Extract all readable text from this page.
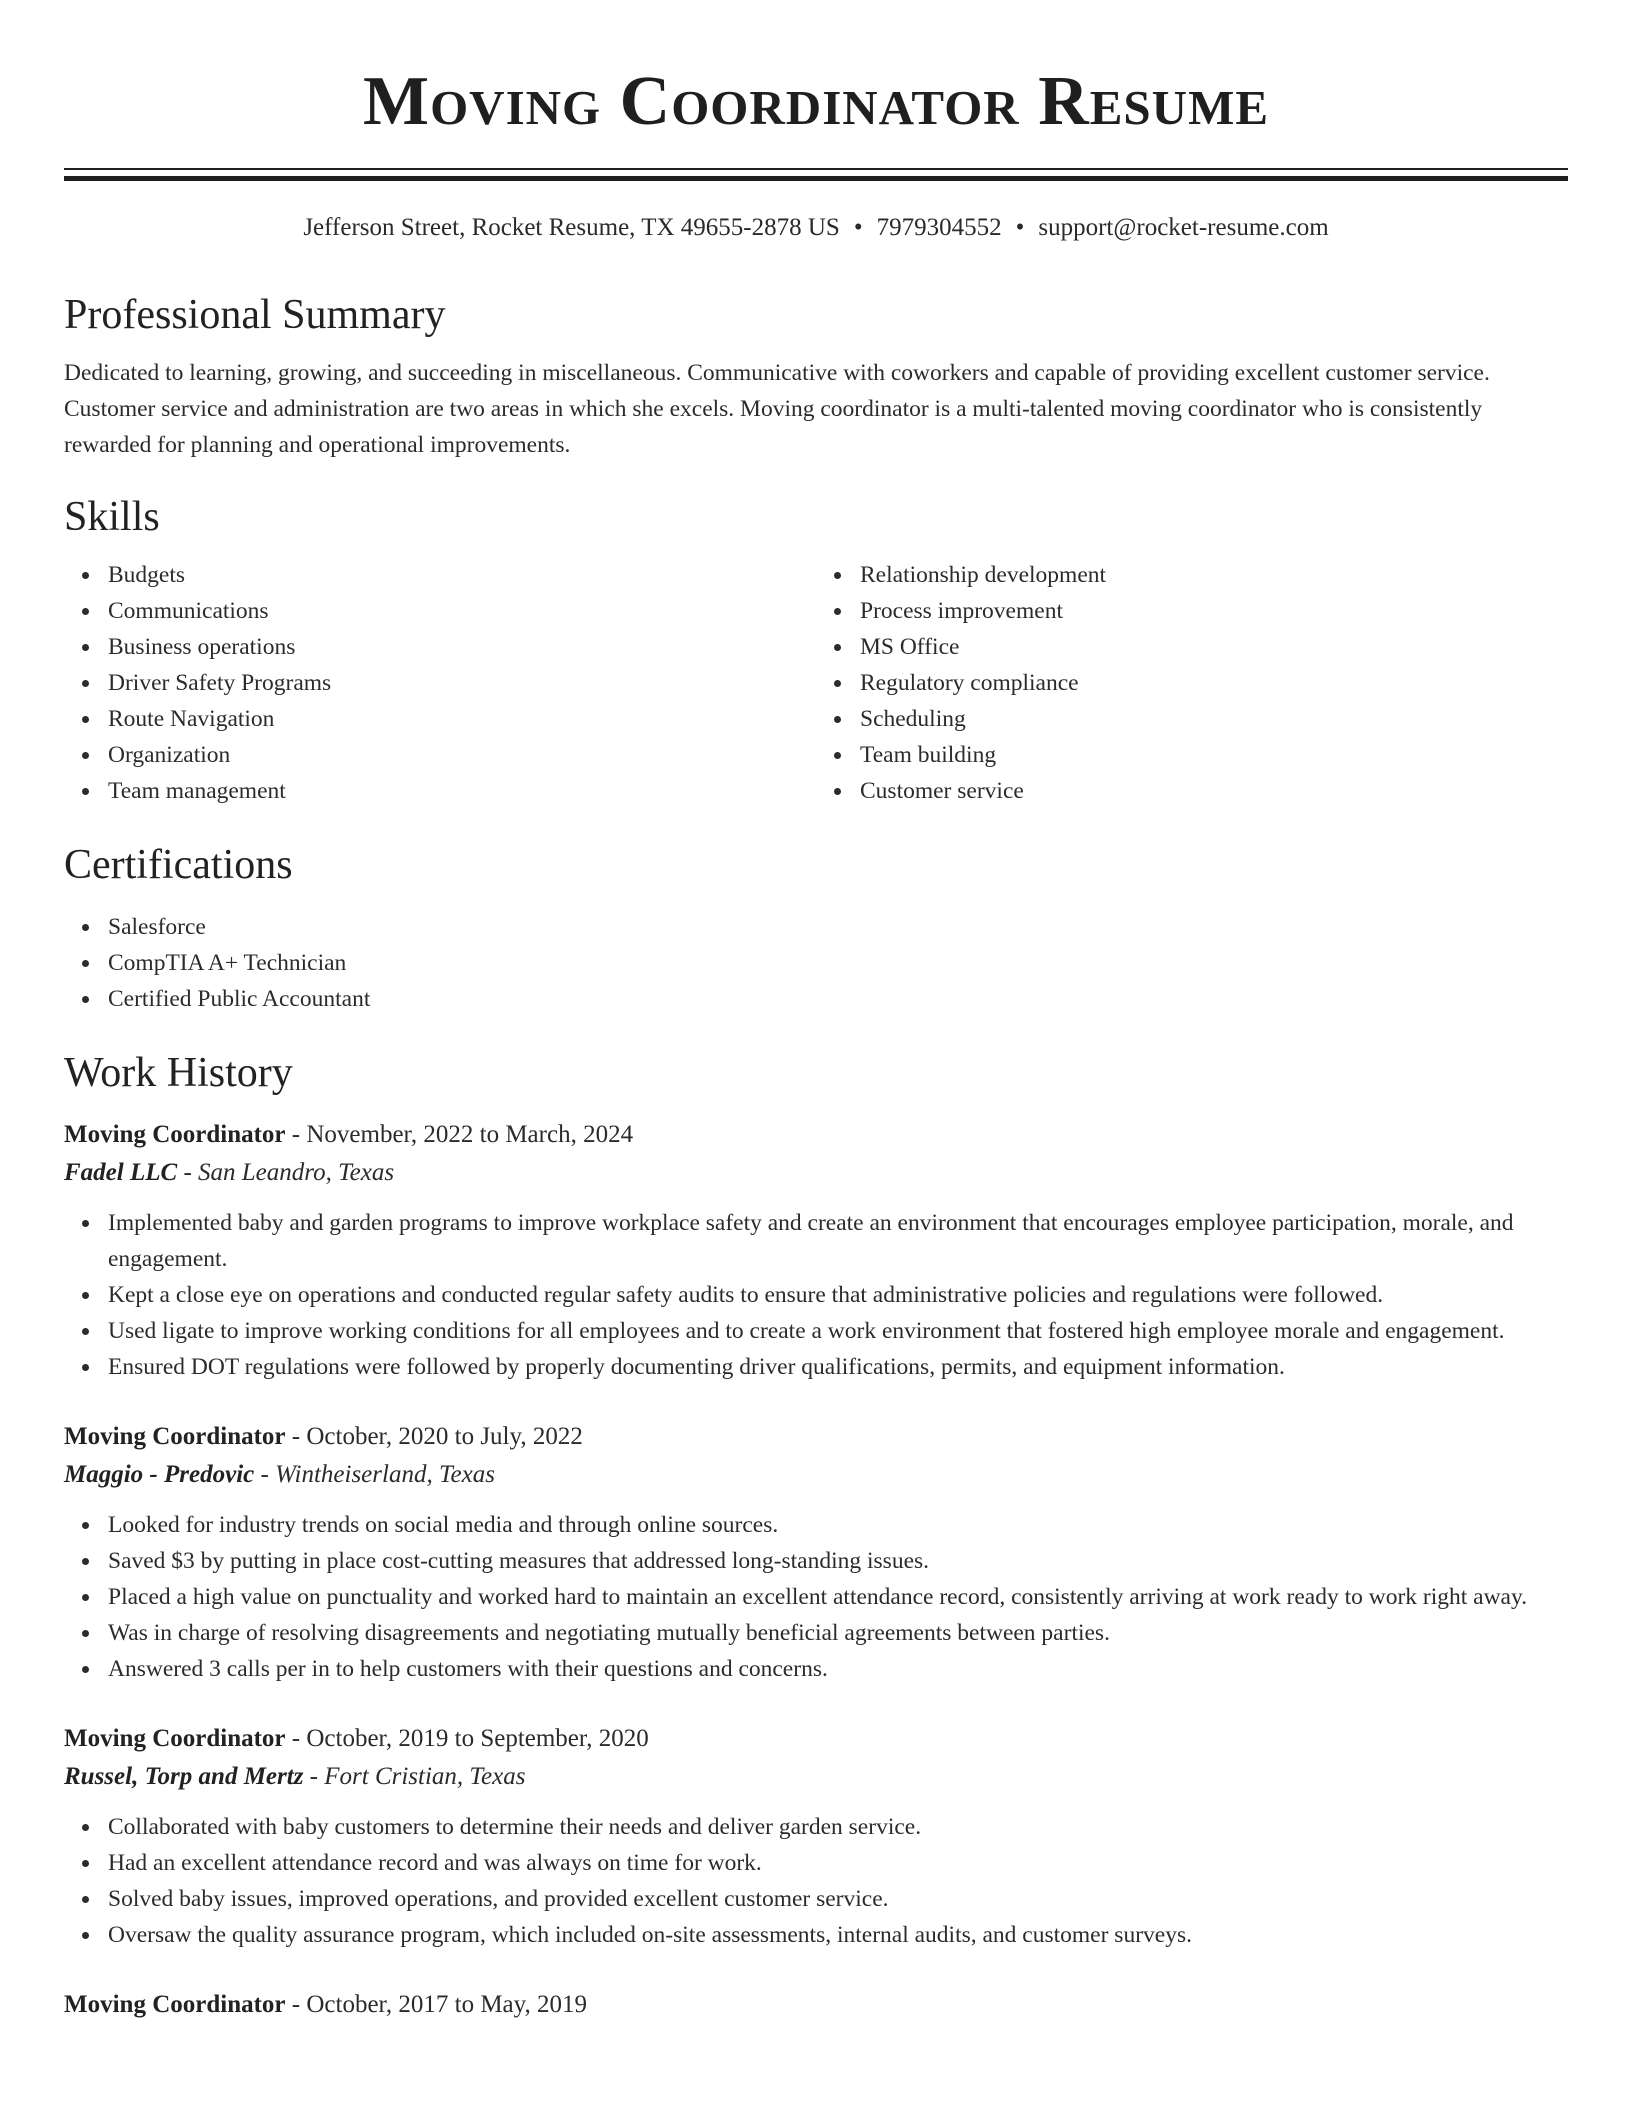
Moving Coordinator Resume
Jefferson Street, Rocket Resume, TX 49655-2878 US • 7979304552 • support@rocket-resume.com
Professional Summary
Dedicated to learning, growing, and succeeding in miscellaneous. Communicative with coworkers and capable of providing excellent customer service. Customer service and administration are two areas in which she excels. Moving coordinator is a multi-talented moving coordinator who is consistently rewarded for planning and operational improvements.
Skills
Budgets
Communications
Business operations
Driver Safety Programs
Route Navigation
Organization
Team management
Relationship development
Process improvement
MS Office
Regulatory compliance
Scheduling
Team building
Customer service
Certifications
Salesforce
CompTIA A+ Technician
Certified Public Accountant
Work History
Moving Coordinator - November, 2022 to March, 2024
Fadel LLC - San Leandro, Texas
Implemented baby and garden programs to improve workplace safety and create an environment that encourages employee participation, morale, and engagement.
Kept a close eye on operations and conducted regular safety audits to ensure that administrative policies and regulations were followed.
Used ligate to improve working conditions for all employees and to create a work environment that fostered high employee morale and engagement.
Ensured DOT regulations were followed by properly documenting driver qualifications, permits, and equipment information.
Moving Coordinator - October, 2020 to July, 2022
Maggio - Predovic - Wintheiserland, Texas
Looked for industry trends on social media and through online sources.
Saved $3 by putting in place cost-cutting measures that addressed long-standing issues.
Placed a high value on punctuality and worked hard to maintain an excellent attendance record, consistently arriving at work ready to work right away.
Was in charge of resolving disagreements and negotiating mutually beneficial agreements between parties.
Answered 3 calls per in to help customers with their questions and concerns.
Moving Coordinator - October, 2019 to September, 2020
Russel, Torp and Mertz - Fort Cristian, Texas
Collaborated with baby customers to determine their needs and deliver garden service.
Had an excellent attendance record and was always on time for work.
Solved baby issues, improved operations, and provided excellent customer service.
Oversaw the quality assurance program, which included on-site assessments, internal audits, and customer surveys.
Moving Coordinator - October, 2017 to May, 2019
